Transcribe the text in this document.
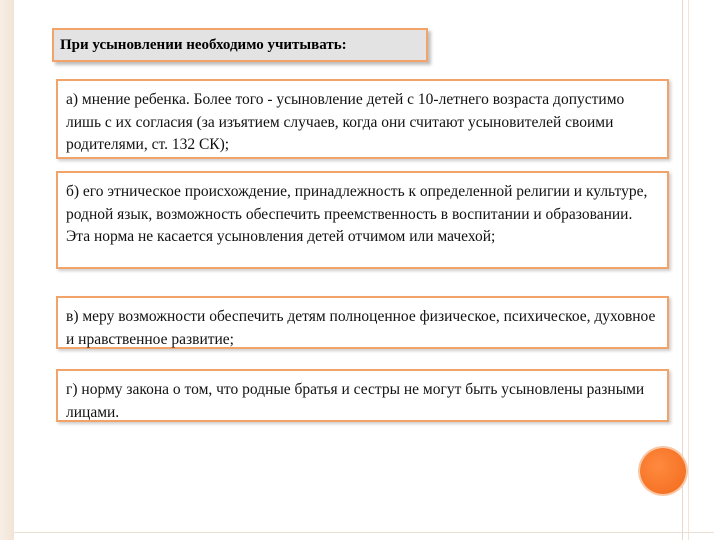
При усыновлении необходимо учитывать:
а) мнение ребенка. Более того - усыновление детей с 10-летнего возраста допустимо лишь с их согласия (за изъятием случаев, когда они считают усыновителей своими родителями, ст. 132 СК);
б) его этническое происхождение, принадлежность к определенной религии и культуре, родной язык, возможность обеспечить преемственность в воспитании и образовании. Эта норма не касается усыновления детей отчимом или мачехой;
в) меру возможности обеспечить детям полноценное физическое, психическое, духовное и нравственное развитие;
г) норму закона о том, что родные братья и сестры не могут быть усыновлены разными лицами.
